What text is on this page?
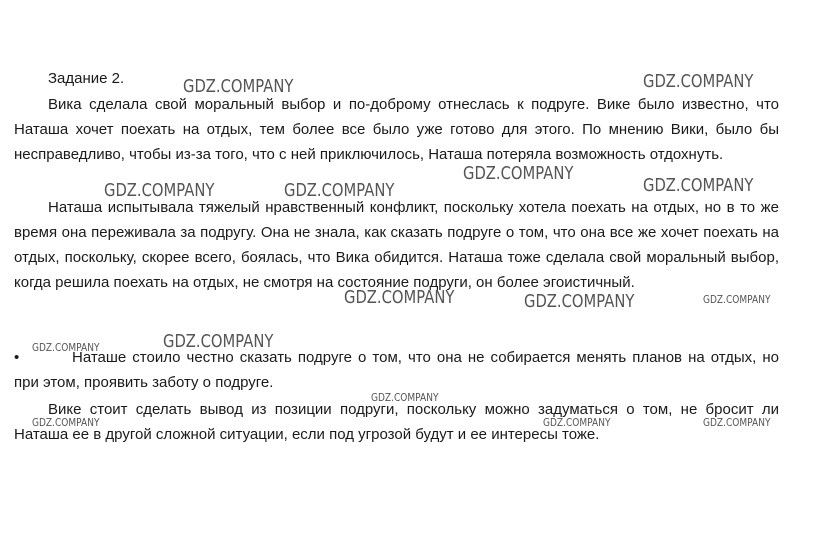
Задание 2.

Вика сделала свой моральный выбор и по-доброму отнеслась к подруге. Вике было известно, что Наташа хочет поехать на отдых, тем более все было уже готово для этого. По мнению Вики, было бы несправедливо, чтобы из-за того, что с ней приключилось, Наташа потеряла возможность отдохнуть.

Наташа испытывала тяжелый нравственный конфликт, поскольку хотела поехать на отдых, но в то же время она переживала за подругу. Она не знала, как сказать подруге о том, что она все же хочет поехать на отдых, поскольку, скорее всего, боялась, что Вика обидится. Наташа тоже сделала свой моральный выбор, когда решила поехать на отдых, не смотря на состояние подруги, он более эгоистичный.

•	Наташе стоило честно сказать подруге о том, что она не собирается менять планов на отдых, но при этом, проявить заботу о подруге.

Вике стоит сделать вывод из позиции подруги, поскольку можно задуматься о том, не бросит ли Наташа ее в другой сложной ситуации, если под угрозой будут и ее интересы тоже.

GDZ.COMPANY	GDZ.COMPANY
GDZ.COMPANY
GDZ.COMPANY	GDZ.COMPANY	GDZ.COMPANY
GDZ.COMPANY	GDZ.COMPANY	GDZ.COMPANY
GDZ.COMPANY
GDZ.COMPANY
GDZ.COMPANY
GDZ.COMPANY	GDZ.COMPANY	GDZ.COMPANY
